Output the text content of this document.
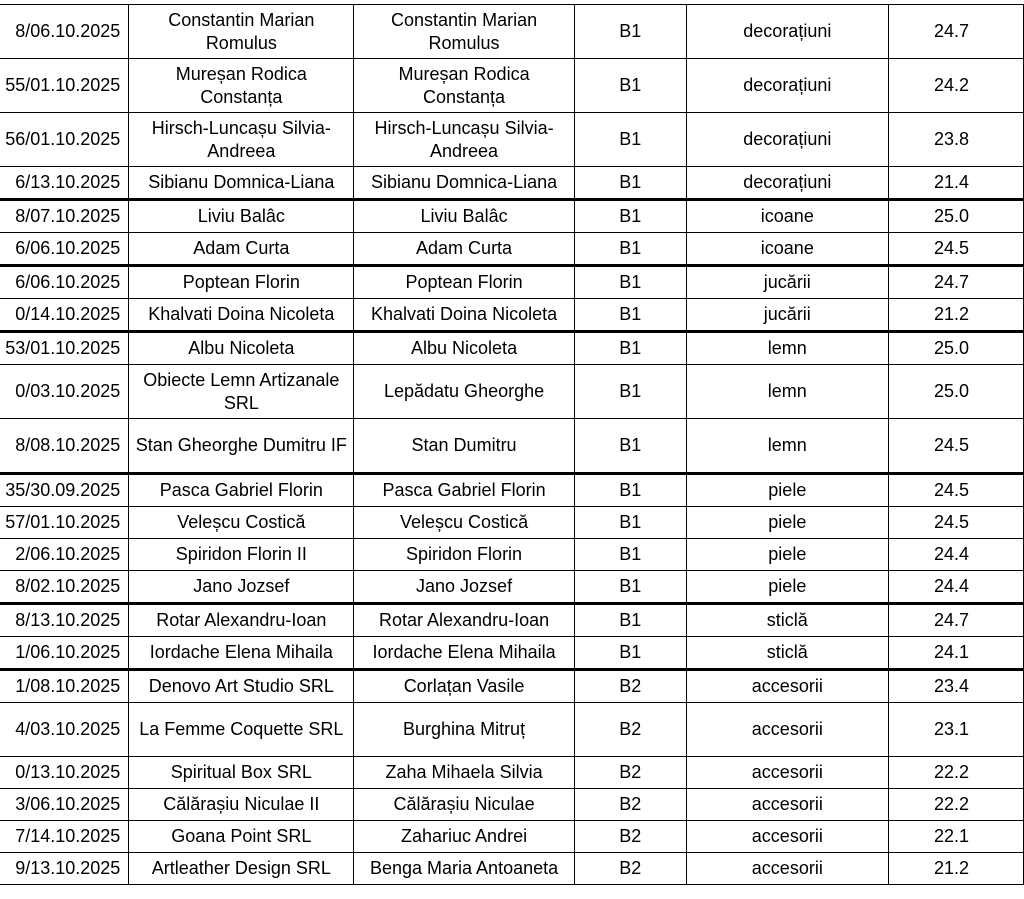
8/06.10.2025	Constantin Marian Romulus	Constantin Marian Romulus	B1	decorațiuni	24.7
55/01.10.2025	Mureșan Rodica Constanța	Mureșan Rodica Constanța	B1	decorațiuni	24.2
56/01.10.2025	Hirsch-Luncașu Silvia-Andreea	Hirsch-Luncașu Silvia-Andreea	B1	decorațiuni	23.8
6/13.10.2025	Sibianu Domnica-Liana	Sibianu Domnica-Liana	B1	decorațiuni	21.4
8/07.10.2025	Liviu Balâc	Liviu Balâc	B1	icoane	25.0
6/06.10.2025	Adam Curta	Adam Curta	B1	icoane	24.5
6/06.10.2025	Poptean Florin	Poptean Florin	B1	jucării	24.7
0/14.10.2025	Khalvati Doina Nicoleta	Khalvati Doina Nicoleta	B1	jucării	21.2
53/01.10.2025	Albu Nicoleta	Albu Nicoleta	B1	lemn	25.0
0/03.10.2025	Obiecte Lemn Artizanale SRL	Lepădatu Gheorghe	B1	lemn	25.0
8/08.10.2025	Stan Gheorghe Dumitru IF	Stan Dumitru	B1	lemn	24.5
35/30.09.2025	Pasca Gabriel Florin	Pasca Gabriel Florin	B1	piele	24.5
57/01.10.2025	Veleșcu Costică	Veleșcu Costică	B1	piele	24.5
2/06.10.2025	Spiridon Florin II	Spiridon Florin	B1	piele	24.4
8/02.10.2025	Jano Jozsef	Jano Jozsef	B1	piele	24.4
8/13.10.2025	Rotar Alexandru-Ioan	Rotar Alexandru-Ioan	B1	sticlă	24.7
1/06.10.2025	Iordache Elena Mihaila	Iordache Elena Mihaila	B1	sticlă	24.1
1/08.10.2025	Denovo Art Studio SRL	Corlațan Vasile	B2	accesorii	23.4
4/03.10.2025	La Femme Coquette SRL	Burghina Mitruț	B2	accesorii	23.1
0/13.10.2025	Spiritual Box SRL	Zaha Mihaela Silvia	B2	accesorii	22.2
3/06.10.2025	Călărașiu Niculae II	Călărașiu Niculae	B2	accesorii	22.2
7/14.10.2025	Goana Point SRL	Zahariuc Andrei	B2	accesorii	22.1
9/13.10.2025	Artleather Design SRL	Benga Maria Antoaneta	B2	accesorii	21.2
